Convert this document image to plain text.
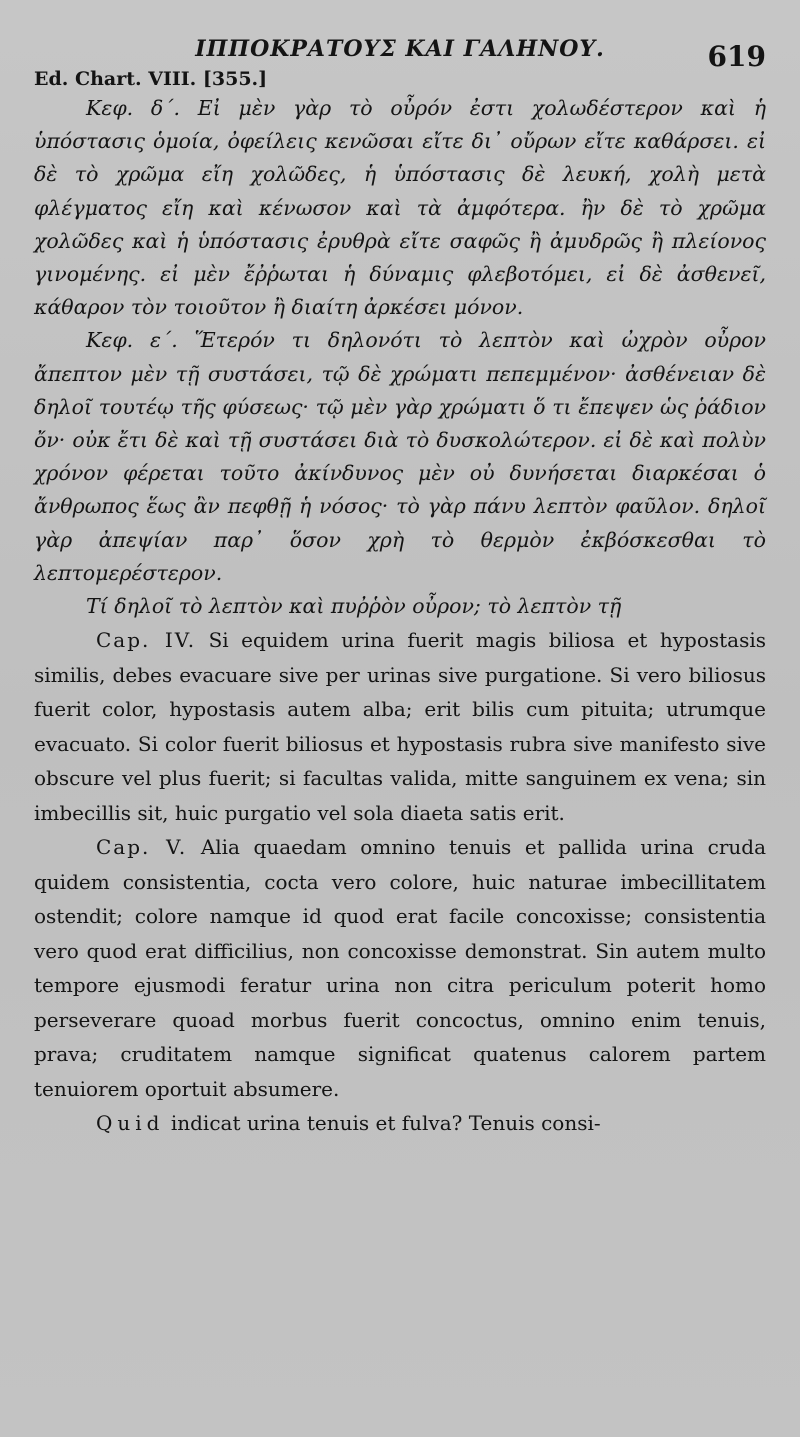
ΙΠΠΟΚΡΑΤΟΥΣ ΚΑΙ ΓΑΛΗΝΟΥ.	619
Ed. Chart. VIII. [355.]

Κεφ. δ΄. Εἰ μὲν γὰρ τὸ οὖρόν ἐστι χολωδέστερον καὶ ἡ ὑπόστασις ὁμοία, ὀφείλεις κενῶσαι εἴτε δι᾽ οὔρων εἴτε καθάρσει. εἰ δὲ τὸ χρῶμα εἴη χολῶδες, ἡ ὑπόστασις δὲ λευκή, χολὴ μετὰ φλέγματος εἴη καὶ κένωσον καὶ τὰ ἀμφότερα. ἢν δὲ τὸ χρῶμα χολῶδες καὶ ἡ ὑπόστασις ἐρυθρὰ εἴτε σαφῶς ἢ ἀμυδρῶς ἢ πλείονος γινομένης. εἰ μὲν ἔῤῥωται ἡ δύναμις φλεβοτόμει, εἰ δὲ ἀσθενεῖ, κάθαρον τὸν τοιοῦτον ἢ διαίτη ἀρκέσει μόνον.

Κεφ. ε΄. Ἕτερόν τι δηλονότι τὸ λεπτὸν καὶ ὠχρὸν οὖρον ἄπεπτον μὲν τῇ συστάσει, τῷ δὲ χρώματι πεπεμμένον· ἀσθένειαν δὲ δηλοῖ τουτέῳ τῆς φύσεως· τῷ μὲν γὰρ χρώματι ὅ τι ἔπεψεν ὡς ῥάδιον ὄν· οὐκ ἔτι δὲ καὶ τῇ συστάσει διὰ τὸ δυσκολώτερον. εἰ δὲ καὶ πολὺν χρόνον φέρεται τοῦτο ἀκίνδυνος μὲν οὐ δυνήσεται διαρκέσαι ὁ ἄνθρωπος ἕως ἂν πεφθῇ ἡ νόσος· τὸ γὰρ πάνυ λεπτὸν φαῦλον. δηλοῖ γὰρ ἀπεψίαν παρ᾽ ὅσον χρὴ τὸ θερμὸν ἐκβόσκεσθαι τὸ λεπτομερέστερον.

Τί δηλοῖ τὸ λεπτὸν καὶ πυῤῥὸν οὖρον; τὸ λεπτὸν τῇ

Cap. IV. Si equidem urina fuerit magis biliosa et hypostasis similis, debes evacuare sive per urinas sive purgatione. Si vero biliosus fuerit color, hypostasis autem alba; erit bilis cum pituita; utrumque evacuato. Si color fuerit biliosus et hypostasis rubra sive manifesto sive obscure vel plus fuerit; si facultas valida, mitte sanguinem ex vena; sin imbecillis sit, huic purgatio vel sola diaeta satis erit.

Cap. V. Alia quaedam omnino tenuis et pallida urina cruda quidem consistentia, cocta vero colore, huic naturae imbecillitatem ostendit; colore namque id quod erat facile concoxisse; consistentia vero quod erat difficilius, non concoxisse demonstrat. Sin autem multo tempore ejusmodi feratur urina non citra periculum poterit homo perseverare quoad morbus fuerit concoctus, omnino enim tenuis, prava; cruditatem namque significat quatenus calorem partem tenuiorem oportuit absumere.

Quid indicat urina tenuis et fulva? Tenuis consi-
